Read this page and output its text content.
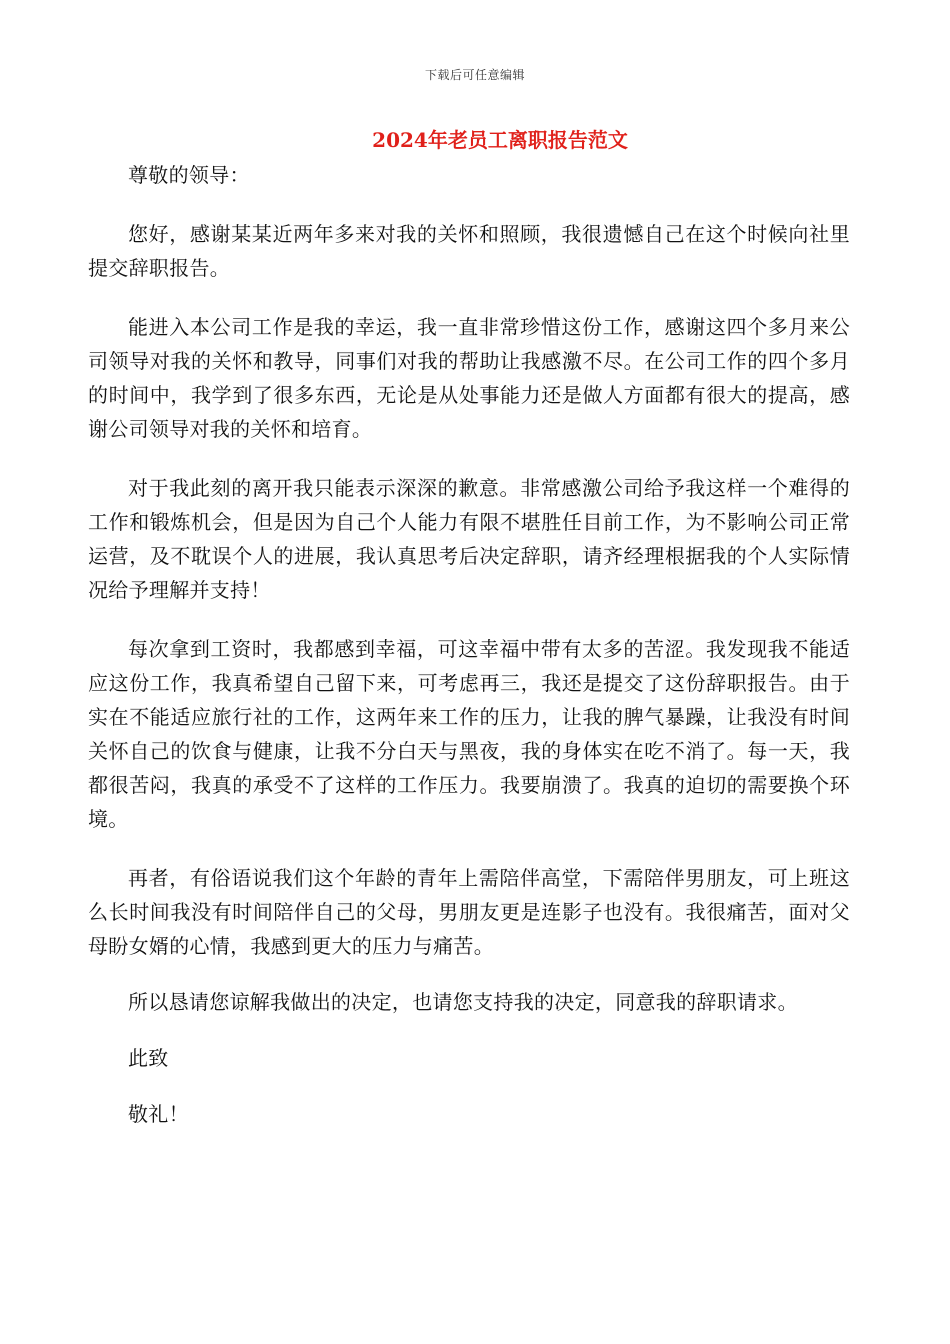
下载后可任意编辑
2024年老员工离职报告范文

尊敬的领导：

您好，感谢某某近两年多来对我的关怀和照顾，我很遗憾自己在这个时候向社里提交辞职报告。

能进入本公司工作是我的幸运，我一直非常珍惜这份工作，感谢这四个多月来公司领导对我的关怀和教导，同事们对我的帮助让我感激不尽。在公司工作的四个多月的时间中，我学到了很多东西，无论是从处事能力还是做人方面都有很大的提高，感谢公司领导对我的关怀和培育。

对于我此刻的离开我只能表示深深的歉意。非常感激公司给予我这样一个难得的工作和锻炼机会，但是因为自己个人能力有限不堪胜任目前工作，为不影响公司正常运营，及不耽误个人的进展，我认真思考后决定辞职，请齐经理根据我的个人实际情况给予理解并支持！

每次拿到工资时，我都感到幸福，可这幸福中带有太多的苦涩。我发现我不能适应这份工作，我真希望自己留下来，可考虑再三，我还是提交了这份辞职报告。由于实在不能适应旅行社的工作，这两年来工作的压力，让我的脾气暴躁，让我没有时间关怀自己的饮食与健康，让我不分白天与黑夜，我的身体实在吃不消了。每一天，我都很苦闷，我真的承受不了这样的工作压力。我要崩溃了。我真的迫切的需要换个环境。

再者，有俗语说我们这个年龄的青年上需陪伴高堂，下需陪伴男朋友，可上班这么长时间我没有时间陪伴自己的父母，男朋友更是连影子也没有。我很痛苦，面对父母盼女婿的心情，我感到更大的压力与痛苦。

所以恳请您谅解我做出的决定，也请您支持我的决定，同意我的辞职请求。

此致

敬礼！
